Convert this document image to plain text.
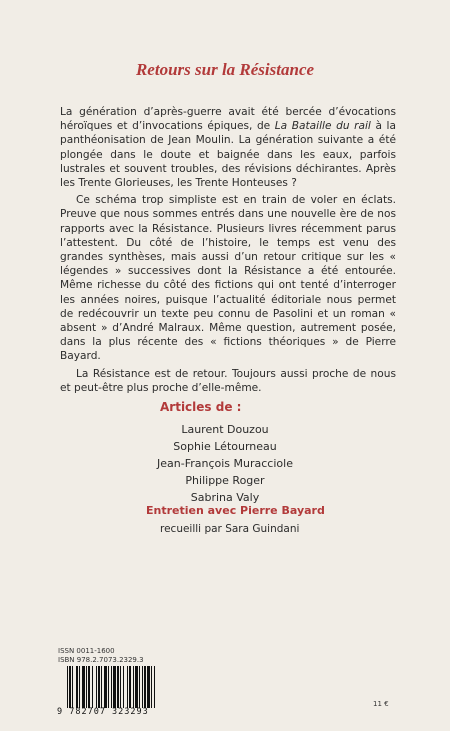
Retours sur la Résistance

La génération d’après-guerre avait été bercée d’évocations héroïques et d’invocations épiques, de La Bataille du rail à la panthéonisation de Jean Moulin. La génération suivante a été plongée dans le doute et baignée dans les eaux, parfois lustrales et souvent troubles, des révisions déchirantes. Après les Trente Glorieuses, les Trente Honteuses ?

Ce schéma trop simpliste est en train de voler en éclats. Preuve que nous sommes entrés dans une nouvelle ère de nos rapports avec la Résistance. Plusieurs livres récemment parus l’attestent. Du côté de l’histoire, le temps est venu des grandes synthèses, mais aussi d’un retour critique sur les « légendes » successives dont la Résistance a été entourée. Même richesse du côté des fictions qui ont tenté d’interroger les années noires, puisque l’actualité éditoriale nous permet de redécouvrir un texte peu connu de Pasolini et un roman « absent » d’André Malraux. Même question, autrement posée, dans la plus récente des « fictions théoriques » de Pierre Bayard.

La Résistance est de retour. Toujours aussi proche de nous et peut-être plus proche d’elle-même.

Articles de :
Laurent Douzou
Sophie Létourneau
Jean-François Muracciole
Philippe Roger
Sabrina Valy
Entretien avec Pierre Bayard
recueilli par Sara Guindani
ISSN 0011-1600
ISBN 978.2.7073.2329.3
9 782707 323293
11 €
